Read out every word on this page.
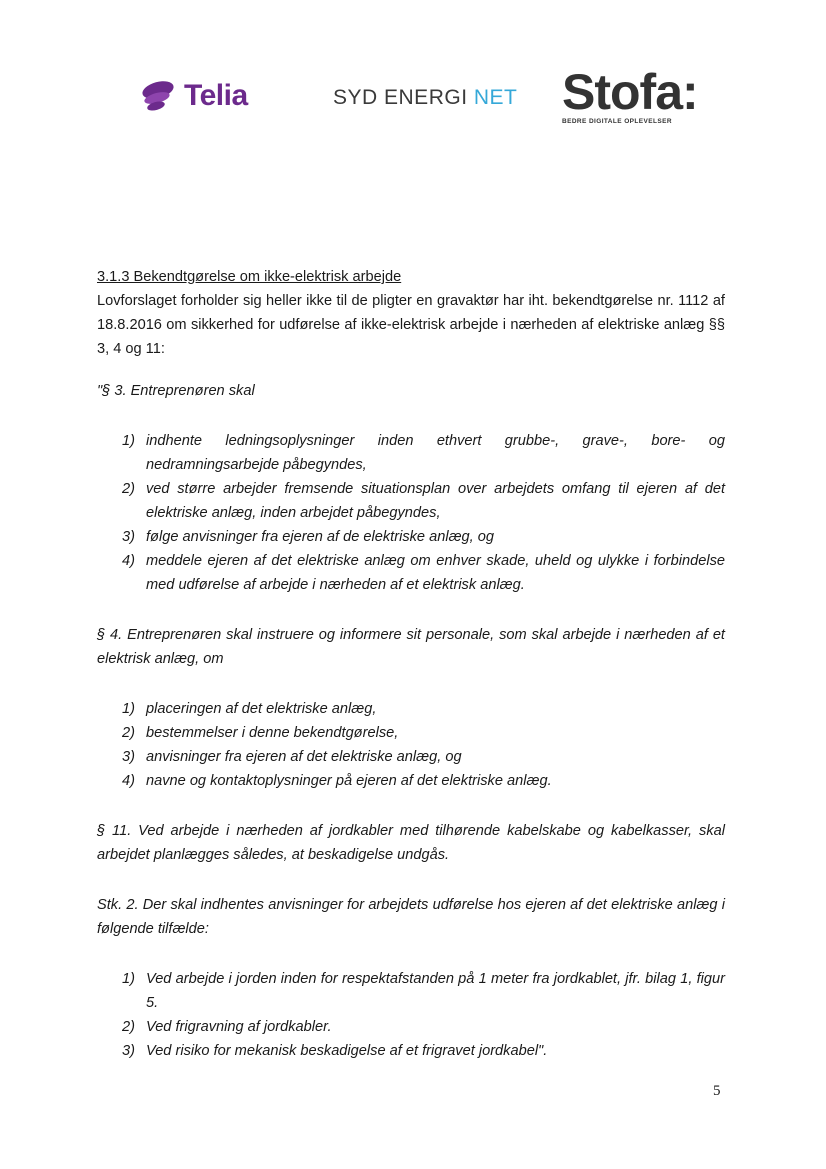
Telia	SYD ENERGI NET Stofa:
BEDRE DIGITALE OPLEVELSER
3.1.3 Bekendtgørelse om ikke-elektrisk arbejde
Lovforslaget forholder sig heller ikke til de pligter en gravaktør har iht. bekendtgørelse nr. 1112 af 18.8.2016 om sikkerhed for udførelse af ikke-elektrisk arbejde i nærheden af elektriske anlæg §§ 3, 4 og 11:
"§ 3. Entreprenøren skal
1) indhente ledningsoplysninger inden ethvert grubbe-, grave-, bore- og nedramningsarbejde påbegyndes,
2) ved større arbejder fremsende situationsplan over arbejdets omfang til ejeren af det elektriske anlæg, inden arbejdet påbegyndes,
3) følge anvisninger fra ejeren af de elektriske anlæg, og
4) meddele ejeren af det elektriske anlæg om enhver skade, uheld og ulykke i forbindelse med udførelse af arbejde i nærheden af et elektrisk anlæg.
§ 4. Entreprenøren skal instruere og informere sit personale, som skal arbejde i nærheden af et elektrisk anlæg, om
1) placeringen af det elektriske anlæg,
2) bestemmelser i denne bekendtgørelse,
3) anvisninger fra ejeren af det elektriske anlæg, og
4) navne og kontaktoplysninger på ejeren af det elektriske anlæg.
§ 11. Ved arbejde i nærheden af jordkabler med tilhørende kabelskabe og kabelkasser, skal arbejdet planlægges således, at beskadigelse undgås.
Stk. 2. Der skal indhentes anvisninger for arbejdets udførelse hos ejeren af det elektriske anlæg i følgende tilfælde:
1) Ved arbejde i jorden inden for respektafstanden på 1 meter fra jordkablet, jfr. bilag 1, figur 5.
2) Ved frigravning af jordkabler.
3) Ved risiko for mekanisk beskadigelse af et frigravet jordkabel".
5
